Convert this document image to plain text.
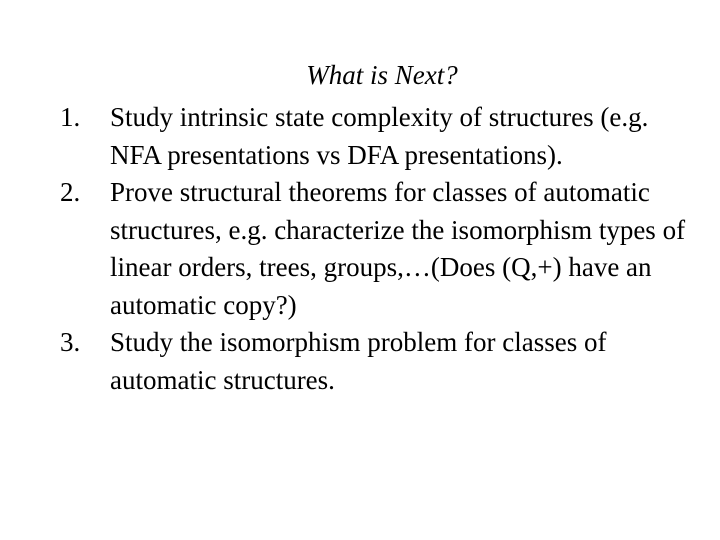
What is Next?
1.	Study intrinsic state complexity of structures (e.g. NFA presentations vs DFA presentations).
2.	Prove structural theorems for classes of automatic structures, e.g. characterize the isomorphism types of linear orders, trees, groups,…(Does (Q,+) have an automatic copy?)
3.	Study the isomorphism problem for classes of automatic structures.
